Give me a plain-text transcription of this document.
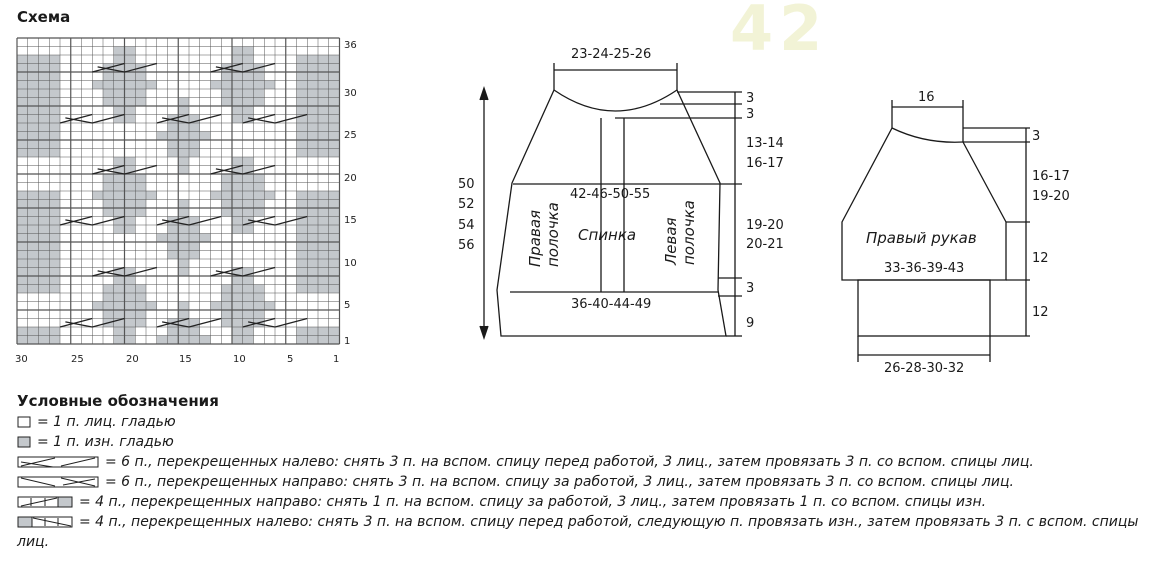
42
Схема
36
30
25
20
15
10
5
1
30	25	20	15	10	5	1
23-24-25-26
3
3
13-14
16-17
50
52
54
56
42-46-50-55
Спинка
Правая полочка	Левая полочка	19-20
20-21
36-40-44-49
3
9
16
3
16-17
19-20
Правый рукав
33-36-39-43
12
12
26-28-30-32
Условные обозначения
= 1 п. лиц. гладью
= 1 п. изн. гладью
= 6 п., перекрещенных налево: снять 3 п. на вспом. спицу перед работой, 3 лиц., затем провязать 3 п. со вспом. спицы лиц.
= 6 п., перекрещенных направо: снять 3 п. на вспом. спицу за работой, 3 лиц., затем провязать 3 п. со вспом. спицы лиц.
= 4 п., перекрещенных направо: снять 1 п. на вспом. спицу за работой, 3 лиц., затем провязать 1 п. со вспом. спицы изн.
= 4 п., перекрещенных налево: снять 3 п. на вспом. спицу перед работой, следующую п. провязать изн., затем провязать 3 п. с вспом. спицы лиц.
